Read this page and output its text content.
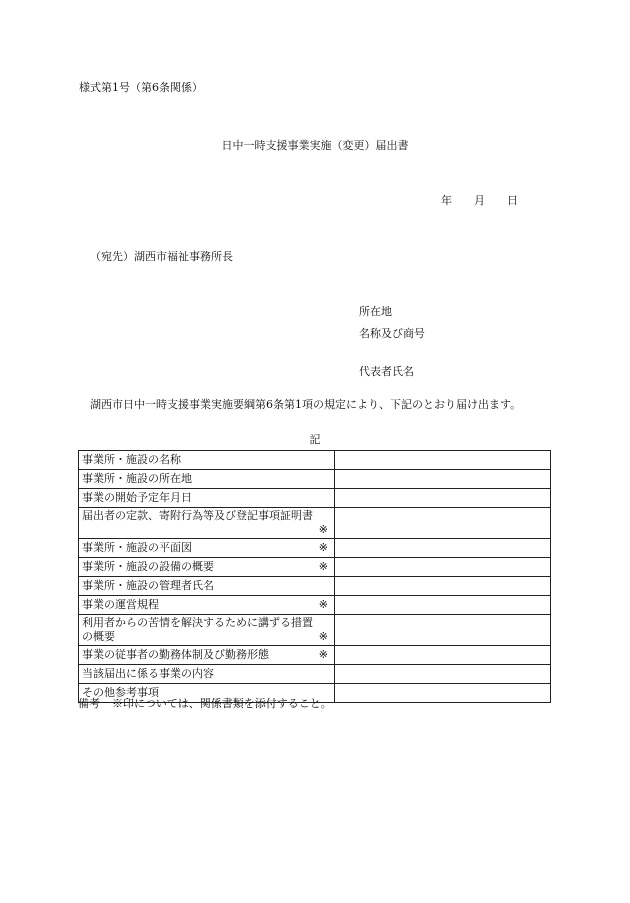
様式第1号（第6条関係）
日中一時支援事業実施（変更）届出書
年 月 日
（宛先）湖西市福祉事務所長
所在地
名称及び商号
代表者氏名
湖西市日中一時支援事業実施要綱第6条第1項の規定により、下記のとおり届け出ます。
記
事業所・施設の名称	

事業所・施設の所在地	

事業の開始予定年月日	

届出者の定款、寄附行為等及び登記事項証明書
※	

事業所・施設の平面図 ※	

事業所・施設の設備の概要 ※	

事業所・施設の管理者氏名	

事業の運営規程 ※	

利用者からの苦情を解決するために講ずる措置
の概要 ※	

事業の従事者の勤務体制及び勤務形態 ※	

当該届出に係る事業の内容	

その他参考事項	

備考 ※印については、関係書類を添付すること。
